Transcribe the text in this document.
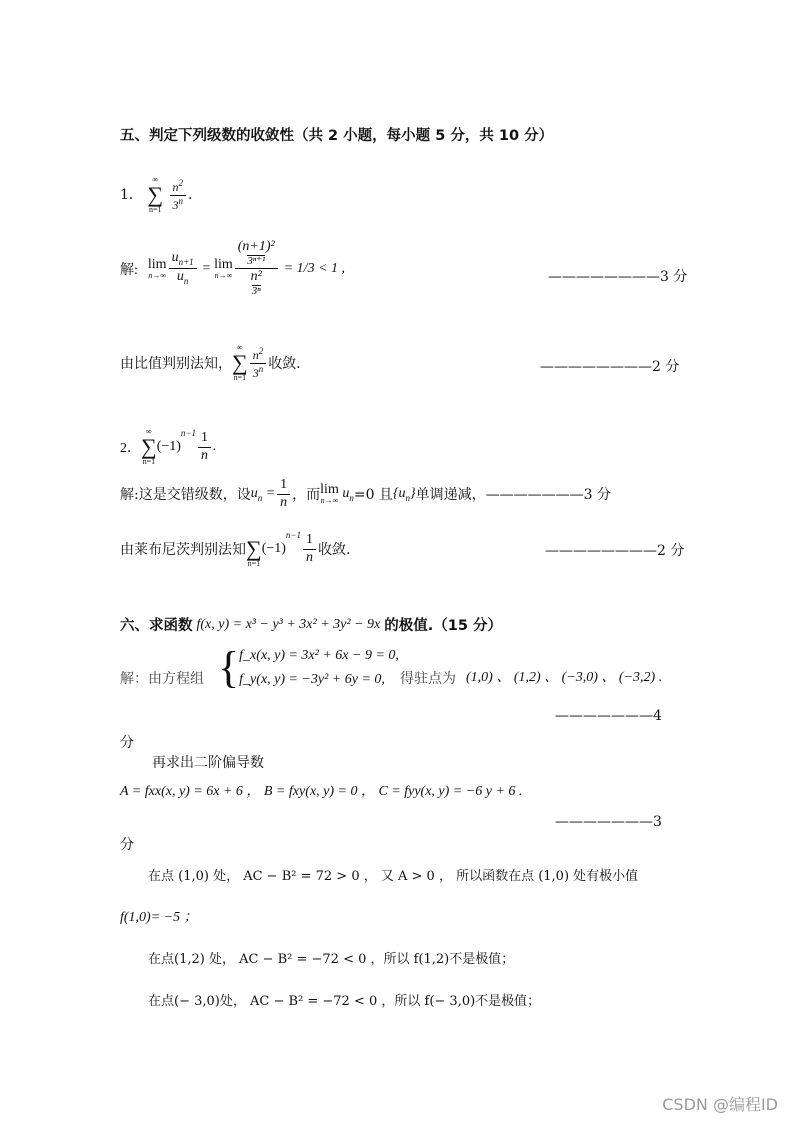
五、判定下列级数的收敛性（共 2 小题，每小题 5 分，共 10 分）
1．
∞
∑
n=1
$\frac{n^2}{3^n}$ .
解: lim
$n\to\infty \frac{u_{n+1}}{u_n} = \lim$
n→∞ (n+1)²
3ⁿ⁺¹
n²
3ⁿ = 1/3 < 1 ,
————————3 分
由比值判别法知，
∞
∑
$n=1 \frac{n^2}{3^n}$ 收敛.	————————2 分
2．
∞
∑
n=1
(−1)
$n-1 \frac{1}{n}$ .
解:这是交错级数，设 $u_n = \frac{1}{n}$ ，而 lim
n→∞
$u_n =0$ 且 $\{u_n\}$ 单调递减， ———————3 分
由莱布尼茨判别法知
∑
n=1
(−1)
$n-1 \frac{1}{n}$ 收敛.	————————2 分
六、求函数 f(x, y) = x³ − y³ + 3x² + 3y² − 9x 的极值.（15 分）
解：由方程组 { f_x(x, y) = 3x² + 6x − 9 = 0,
f_y(x, y) = −3y² + 6y = 0,	得驻点为 (1,0) 、 (1,2) 、 (−3,0) 、 (−3,2) .
———————4
分
再求出二阶偏导数
A = fxx(x, y) = 6x + 6 ， B = fxy(x, y) = 0 ， C = fyy(x, y) = −6 y + 6 .
———————3
分
在点 (1,0) 处， AC − B² = 72 > 0 ， 又 A > 0 ， 所以函数在点 (1,0) 处有极小值
f(1,0)= −5 ；
在点(1,2) 处， AC − B² = −72 < 0 ，所以 f(1,2)不是极值；
在点(− 3,0)处， AC − B² = −72 < 0 ，所以 f(− 3,0)不是极值；
CSDN @编程ID
